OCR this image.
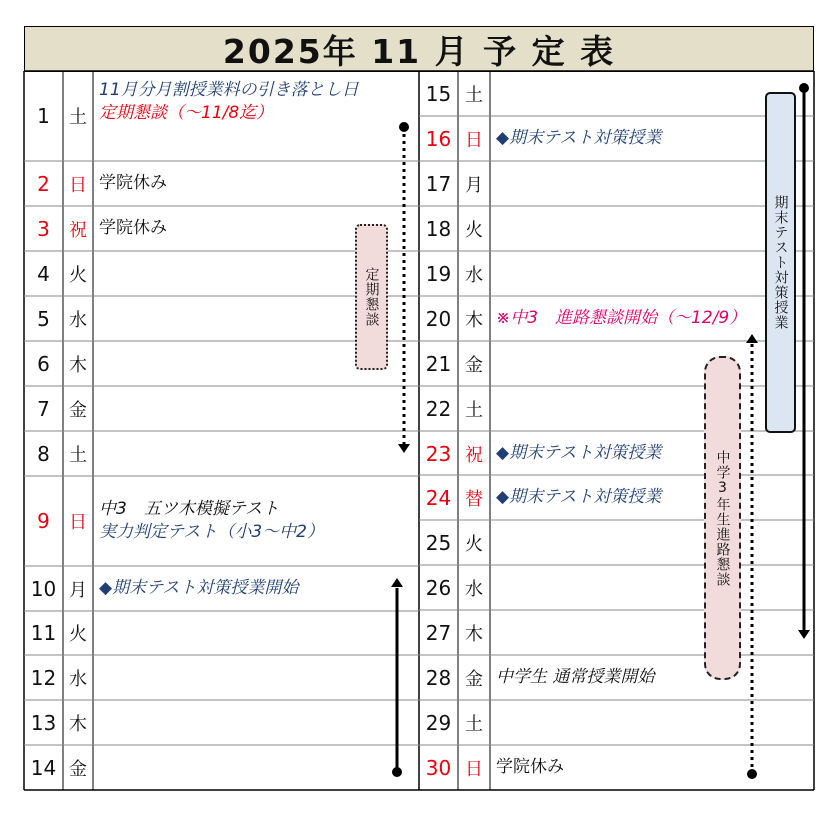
2025年 11 月 予 定 表
1	土
11月分月割授業料の引き落とし日
定期懇談（～11/8迄）
2	日 学院休み
3	祝 学院休み
4	火
5	水
6	木
7	金
8	土
9	日
中3　五ツ木模擬テスト
実力判定テスト（小3～中2）
10 月 ◆期末テスト対策授業開始
11 火
12 水
13 木
14 金
15 土
16 日 ◆期末テスト対策授業
17 月
18 火
19 水
20 木 ※中3　進路懇談開始（～12/9）
21 金
22 土
23 祝 ◆期末テスト対策授業
24 替 ◆期末テスト対策授業
25 火
26 水
27 木
28 金 中学生 通常授業開始
29 土
30 日 学院休み
定期懇談	期末テスト対策授業
中学3年生進路懇談
